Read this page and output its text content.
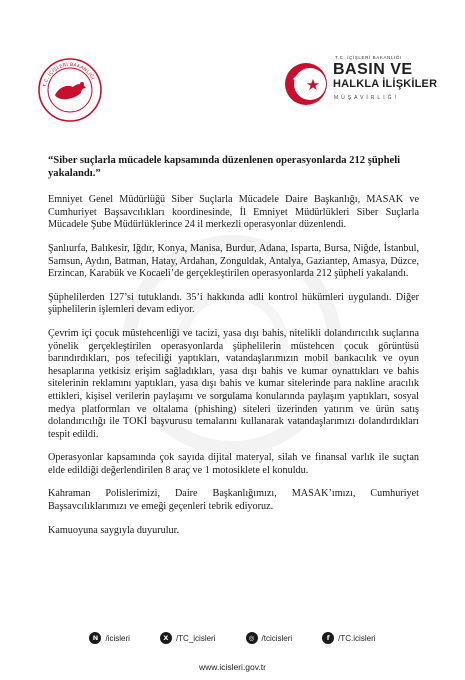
T.C. İÇİŞLERİ BAKANLIĞI
T.C. İÇİŞLERİ BAKANLIĞI
BASIN VE
HALKLA İLİŞKİLER
MÜŞAVİRLİĞİ

“Siber suçlarla mücadele kapsamında düzenlenen operasyonlarda 212 şüpheli yakalandı.”

Emniyet Genel Müdürlüğü Siber Suçlarla Mücadele Daire Başkanlığı, MASAK ve Cumhuriyet Başsavcılıkları koordinesinde, İl Emniyet Müdürlükleri Siber Suçlarla Mücadele Şube Müdürlüklerince 24 il merkezli operasyonlar düzenlendi.

Şanlıurfa, Balıkesir, Iğdır, Konya, Manisa, Burdur, Adana, Isparta, Bursa, Niğde, İstanbul, Samsun, Aydın, Batman, Hatay, Ardahan, Zonguldak, Antalya, Gaziantep, Amasya, Düzce, Erzincan, Karabük ve Kocaeli’de gerçekleştirilen operasyonlarda 212 şüpheli yakalandı.

Şüphelilerden 127’si tutuklandı. 35’i hakkında adli kontrol hükümleri uygulandı. Diğer şüphelilerin işlemleri devam ediyor.

Çevrim içi çocuk müstehcenliği ve tacizi, yasa dışı bahis, nitelikli dolandırıcılık suçlarına yönelik gerçekleştirilen operasyonlarda şüphelilerin müstehcen çocuk görüntüsü barındırdıkları, pos tefeciliği yaptıkları, vatandaşlarımızın mobil bankacılık ve oyun hesaplarına yetkisiz erişim sağladıkları, yasa dışı bahis ve kumar oynattıkları ve bahis sitelerinin reklamını yaptıkları, yasa dışı bahis ve kumar sitelerinde para nakline aracılık ettikleri, kişisel verilerin paylaşımı ve sorgulama konularında paylaşım yaptıkları, sosyal medya platformları ve oltalama (phishing) siteleri üzerinden yatırım ve ürün satış dolandırıcılığı ile TOKİ başvurusu temalarını kullanarak vatandaşlarımızı dolandırdıkları tespit edildi.

Operasyonlar kapsamında çok sayıda dijital materyal, silah ve finansal varlık ile suçtan elde edildiği değerlendirilen 8 araç ve 1 motosiklete el konuldu.

Kahraman Polislerimizi, Daire Başkanlığımızı, MASAK’ımızı, Cumhuriyet Başsavcılıklarımızı ve emeği geçenleri tebrik ediyoruz.

Kamuoyuna saygıyla duyurulur.

N /icisleri	X /TC_icisleri	◎ /tcicisleri	f	/TC.icisleri
www.icisleri.gov.tr
